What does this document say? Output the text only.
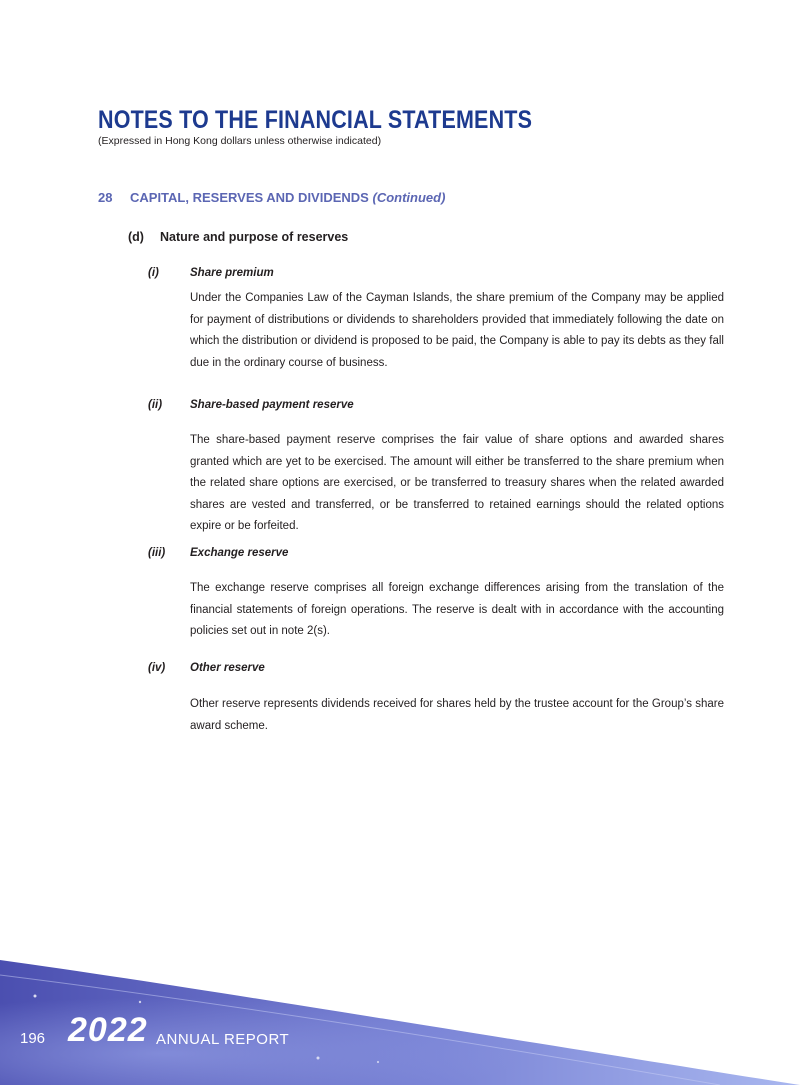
NOTES TO THE FINANCIAL STATEMENTS
(Expressed in Hong Kong dollars unless otherwise indicated)
28 CAPITAL, RESERVES AND DIVIDENDS (Continued)
(d) Nature and purpose of reserves
(i)	Share premium
Under the Companies Law of the Cayman Islands, the share premium of the Company may be applied for payment of distributions or dividends to shareholders provided that immediately following the date on which the distribution or dividend is proposed to be paid, the Company is able to pay its debts as they fall due in the ordinary course of business.
(ii) Share-based payment reserve
The share-based payment reserve comprises the fair value of share options and awarded shares granted which are yet to be exercised. The amount will either be transferred to the share premium when the related share options are exercised, or be transferred to treasury shares when the related awarded shares are vested and transferred, or be transferred to retained earnings should the related options expire or be forfeited.
(iii) Exchange reserve
The exchange reserve comprises all foreign exchange differences arising from the translation of the financial statements of foreign operations. The reserve is dealt with in accordance with the accounting policies set out in note 2(s).
(iv) Other reserve
Other reserve represents dividends received for shares held by the trustee account for the Group’s share award scheme.
196 2022 ANNUAL REPORT
